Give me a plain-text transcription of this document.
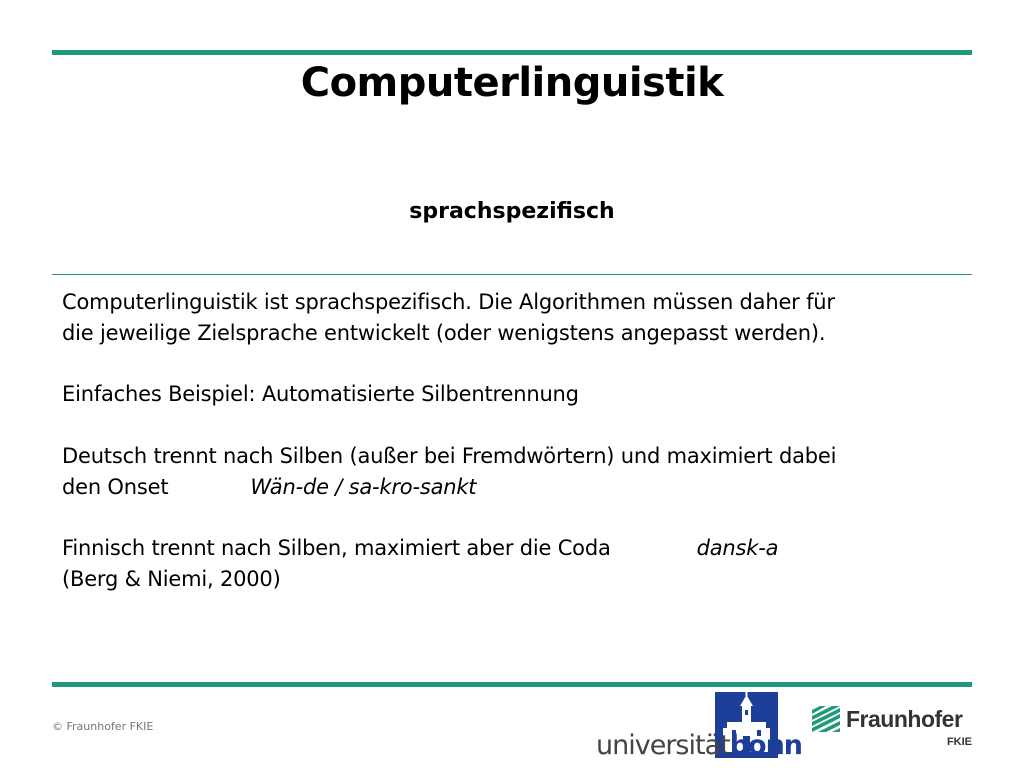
Computerlinguistik
sprachspezifisch

Computerlinguistik ist sprachspezifisch. Die Algorithmen müssen daher für

die jeweilige Zielsprache entwickelt (oder wenigstens angepasst werden).

Einfaches Beispiel: Automatisierte Silbentrennung

Deutsch trennt nach Silben (außer bei Fremdwörtern) und maximiert dabei

den Onset	Wän-de / sa-kro-sankt

Finnisch trennt nach Silben, maximiert aber die Coda	dansk-a

(Berg & Niemi, 2000)

© Fraunhofer FKIE
universitätbonn
Fraunhofer
FKIE
